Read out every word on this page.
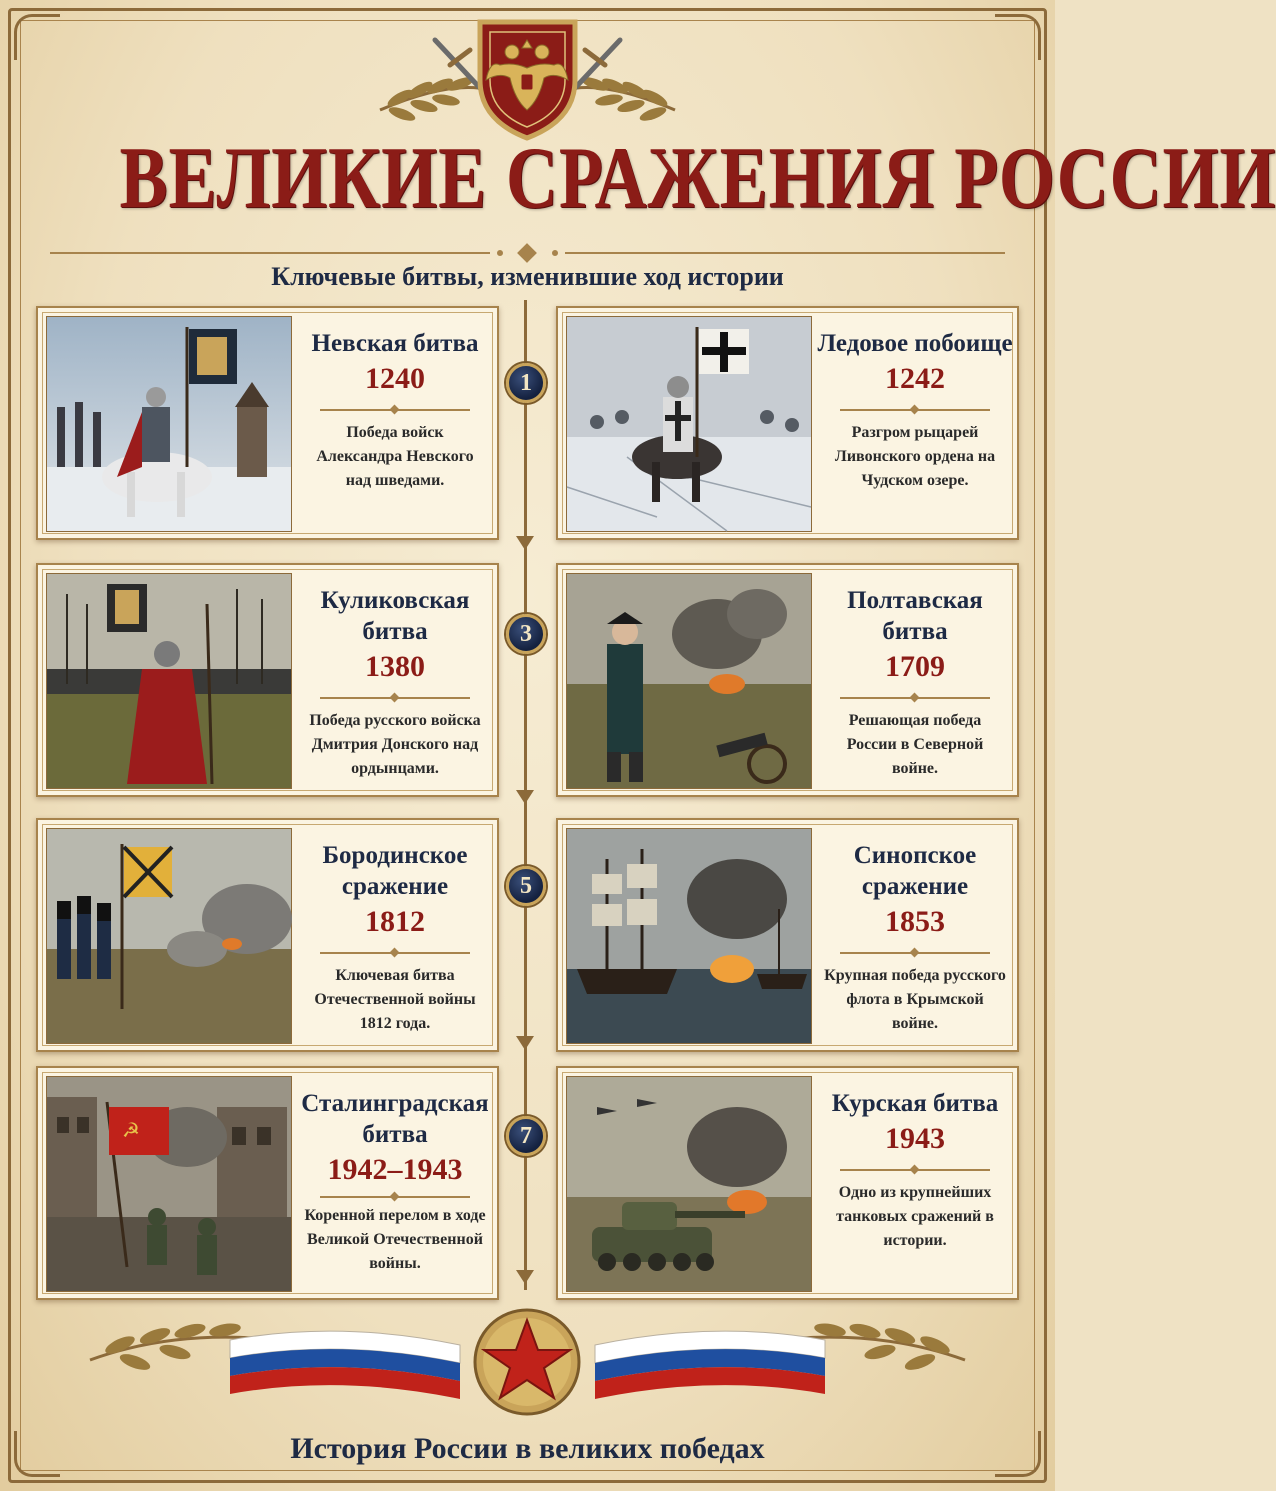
ВЕЛИКИЕ СРАЖЕНИЯ РОССИИ
Ключевые битвы, изменившие ход истории
1
3
5
7
Невская битва
1240
Победа войск Александра Невского над шведами.
Ледовое побоище
1242
Разгром рыцарей Ливонского ордена на Чудском озере.
Куликовская битва
1380
Победа русского войска Дмитрия Донского над ордынцами.
Полтавская битва
1709
Решающая победа России в Северной войне.
Бородинское сражение
1812
Ключевая битва Отечественной войны 1812 года.
Синопское сражение
1853
Крупная победа русского флота в Крымской войне.
☭
Сталинградская битва
1942–1943
Коренной перелом в ходе Великой Отечественной войны.
Курская битва
1943
Одно из крупнейших танковых сражений в истории.
История России в великих победах
